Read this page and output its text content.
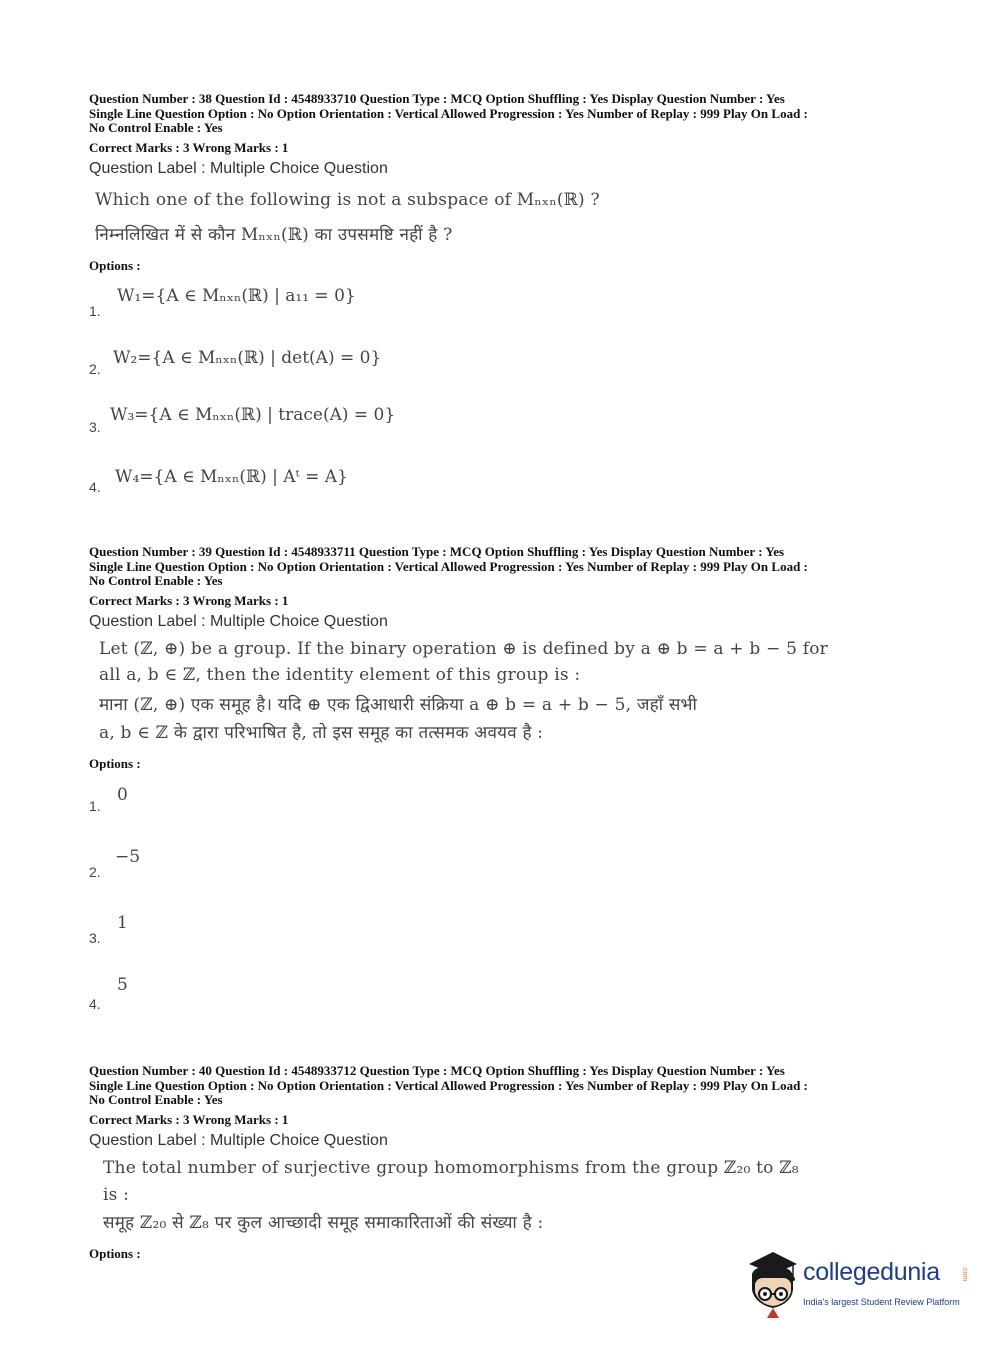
Question Number : 38 Question Id : 4548933710 Question Type : MCQ Option Shuffling : Yes Display Question Number : Yes
Single Line Question Option : No Option Orientation : Vertical Allowed Progression : Yes Number of Replay : 999 Play On Load :
No Control Enable : Yes
Correct Marks : 3 Wrong Marks : 1
Question Label : Multiple Choice Question
Which one of the following is not a subspace of Mₙₓₙ(ℝ) ?
निम्नलिखित में से कौन Mₙₓₙ(ℝ) का उपसमष्टि नहीं है ?
Options :
1.
W₁={A ∈ Mₙₓₙ(ℝ) | a₁₁ = 0}
2.
W₂={A ∈ Mₙₓₙ(ℝ) | det(A) = 0}
3.
W₃={A ∈ Mₙₓₙ(ℝ) | trace(A) = 0}
4. W₄={A ∈ Mₙₓₙ(ℝ) | Aᵗ = A}
Question Number : 39 Question Id : 4548933711 Question Type : MCQ Option Shuffling : Yes Display Question Number : Yes
Single Line Question Option : No Option Orientation : Vertical Allowed Progression : Yes Number of Replay : 999 Play On Load :
No Control Enable : Yes
Correct Marks : 3 Wrong Marks : 1
Question Label : Multiple Choice Question
Let (ℤ, ⊕) be a group. If the binary operation ⊕ is defined by a ⊕ b = a + b − 5 for
all a, b ∈ ℤ, then the identity element of this group is :
माना (ℤ, ⊕) एक समूह है। यदि ⊕ एक द्विआधारी संक्रिया a ⊕ b = a + b − 5, जहाँ सभी
a, b ∈ ℤ के द्वारा परिभाषित है, तो इस समूह का तत्समक अवयव है :
Options :
1.
0
2.
−5
3.
1
4.
5
Question Number : 40 Question Id : 4548933712 Question Type : MCQ Option Shuffling : Yes Display Question Number : Yes
Single Line Question Option : No Option Orientation : Vertical Allowed Progression : Yes Number of Replay : 999 Play On Load :
No Control Enable : Yes
Correct Marks : 3 Wrong Marks : 1
Question Label : Multiple Choice Question
The total number of surjective group homomorphisms from the group ℤ₂₀ to ℤ₈
is :
समूह ℤ₂₀ से ℤ₈ पर कुल आच्छादी समूह समाकारिताओं की संख्या है :
Options :
collegedunia	.com
India's largest Student Review Platform
